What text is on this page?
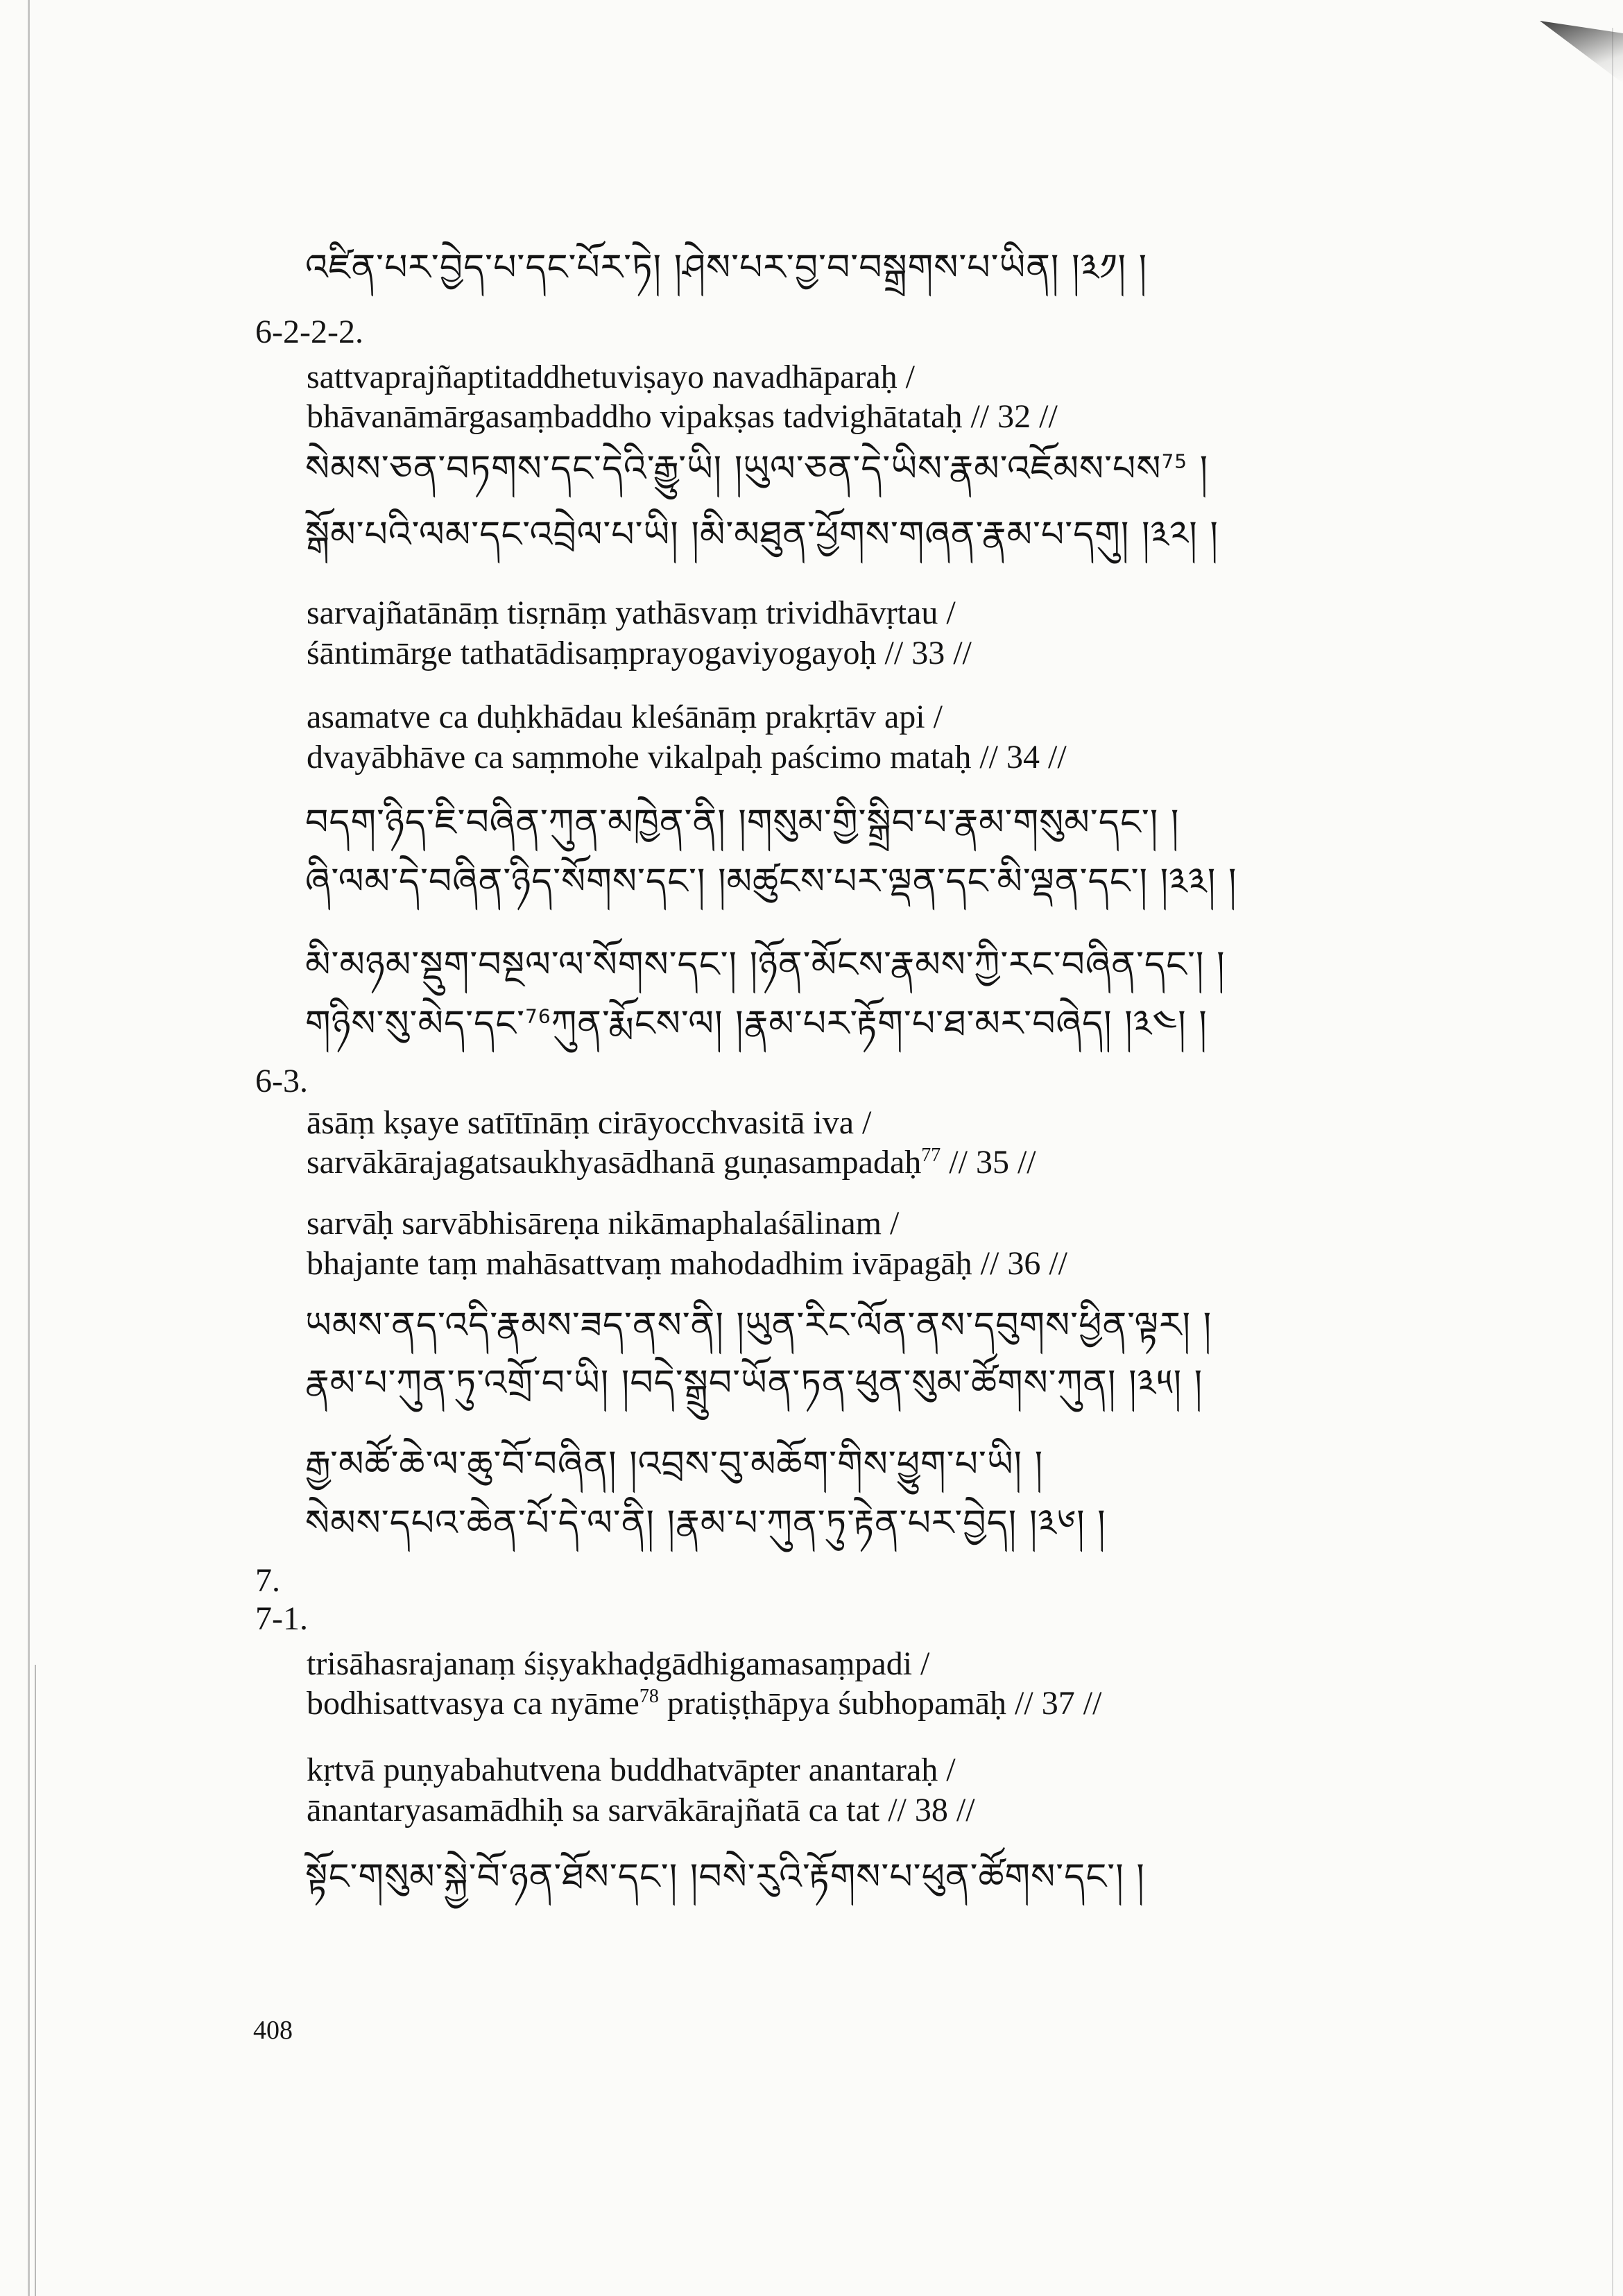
འཛིན་པར་བྱེད་པ་དང་པོར་ཏེ། །ཤེས་པར་བྱ་བ་བསྒྲགས་པ་ཡིན། །༣༡། །
6-2-2-2.
sattvaprajñaptitaddhetuviṣayo navadhāparaḥ /
bhāvanāmārgasaṃbaddho vipakṣas tadvighātataḥ // 32 //
སེམས་ཅན་བཏགས་དང་དེའི་རྒྱུ་ཡི། །ཡུལ་ཅན་དེ་ཡིས་རྣམ་འཇོམས་པས$^{75}$ །
སྒོམ་པའི་ལམ་དང་འབྲེལ་པ་ཡི། །མི་མཐུན་ཕྱོགས་གཞན་རྣམ་པ་དགུ། །༣༢། །
sarvajñatānāṃ tisṛnāṃ yathāsvaṃ trividhāvṛtau /
śāntimārge tathatādisaṃprayogaviyogayoḥ // 33 //
asamatve ca duḥkhādau kleśānāṃ prakṛtāv api /
dvayābhāve ca saṃmohe vikalpaḥ paścimo mataḥ // 34 //
བདག་ཉིད་ཇི་བཞིན་ཀུན་མཁྱེན་ནི། །གསུམ་གྱི་སྒྲིབ་པ་རྣམ་གསུམ་དང་། །
ཞི་ལམ་དེ་བཞིན་ཉིད་སོགས་དང་། །མཚུངས་པར་ལྡན་དང་མི་ལྡན་དང་། །༣༣། །
མི་མཉམ་སྡུག་བསྔལ་ལ་སོགས་དང་། །ཉོན་མོངས་རྣམས་ཀྱི་རང་བཞིན་དང་། །
གཉིས་སུ་མེད་དང་$^{76}$ཀུན་རྨོངས་ལ། །རྣམ་པར་རྟོག་པ་ཐ་མར་བཞེད། །༣༤། །
6-3.
āsāṃ kṣaye satītīnāṃ cirāyocchvasitā iva /
sarvākārajagatsaukhyasādhanā guṇasampadaḥ$^{77}$ // 35 //
sarvāḥ sarvābhisāreṇa nikāmaphalaśālinam /
bhajante taṃ mahāsattvaṃ mahodadhim ivāpagāḥ // 36 //
ཡམས་ནད་འདི་རྣམས་ཟད་ནས་ནི། །ཡུན་རིང་ལོན་ནས་དབུགས་ཕྱིན་ལྟར། །
རྣམ་པ་ཀུན་ཏུ་འགྲོ་བ་ཡི། །བདེ་སྒྲུབ་ཡོན་ཏན་ཕུན་སུམ་ཚོགས་ཀུན། །༣༥། །
རྒྱ་མཚོ་ཆེ་ལ་ཆུ་བོ་བཞིན། །འབྲས་བུ་མཆོག་གིས་ཕྱུག་པ་ཡི། །
སེམས་དཔའ་ཆེན་པོ་དེ་ལ་ནི། །རྣམ་པ་ཀུན་ཏུ་རྟེན་པར་བྱེད། །༣༦། །
7.
7-1.
trisāhasrajanaṃ śiṣyakhaḍgādhigamasaṃpadi /
bodhisattvasya ca nyāme$^{78}$ pratiṣṭhāpya śubhopamāḥ // 37 //
kṛtvā puṇyabahutvena buddhatvāpter anantaraḥ /
ānantaryasamādhiḥ sa sarvākārajñatā ca tat // 38 //
སྟོང་གསུམ་སྐྱེ་བོ་ཉན་ཐོས་དང་། །བསེ་རུའི་རྟོགས་པ་ཕུན་ཚོགས་དང་། །
408
